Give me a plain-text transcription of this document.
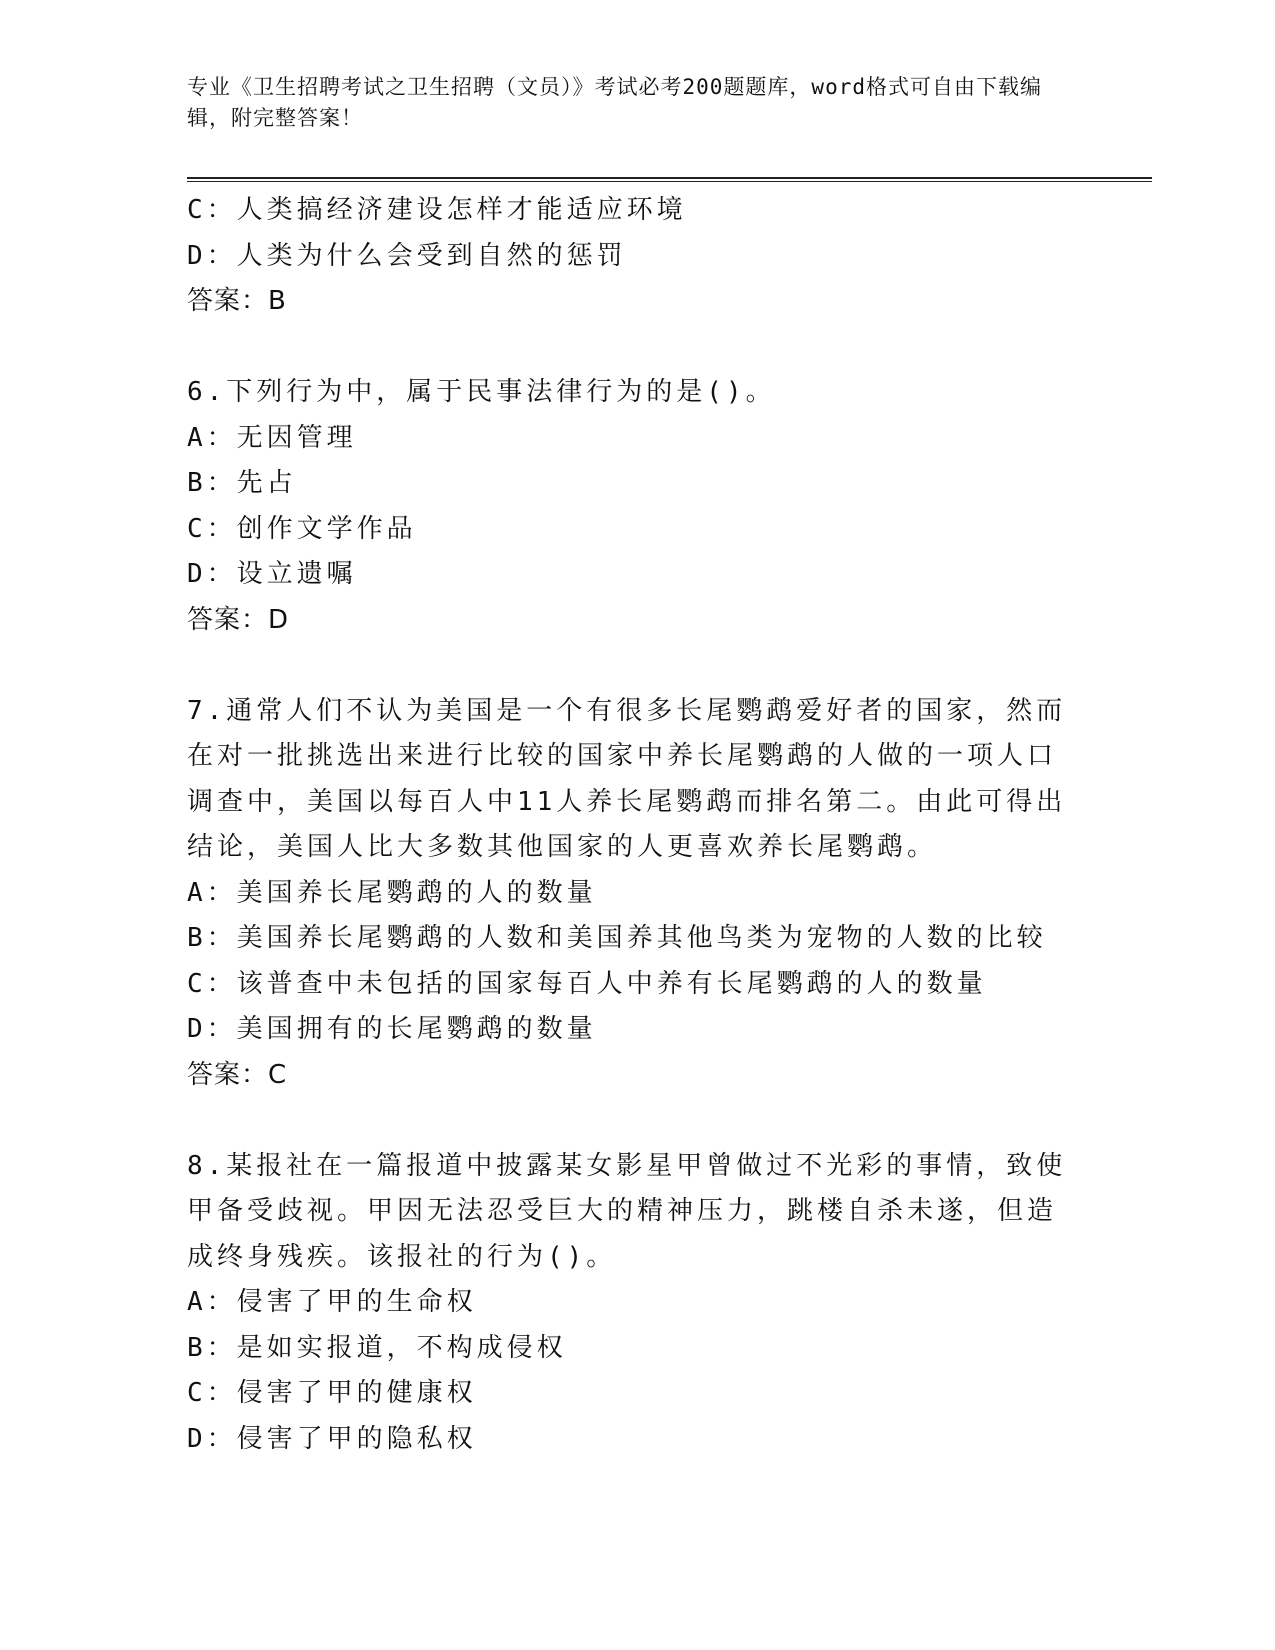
专业《卫生招聘考试之卫生招聘（文员）》考试必考200题题库，word格式可自由下载编辑，附完整答案！
C：人类搞经济建设怎样才能适应环境
D：人类为什么会受到自然的惩罚
答案：B
6.下列行为中，属于民事法律行为的是()。
A：无因管理
B：先占
C：创作文学作品
D：设立遗嘱
答案：D
7.通常人们不认为美国是一个有很多长尾鹦鹉爱好者的国家，然而在对一批挑选出来进行比较的国家中养长尾鹦鹉的人做的一项人口调查中，美国以每百人中11人养长尾鹦鹉而排名第二。由此可得出结论，美国人比大多数其他国家的人更喜欢养长尾鹦鹉。
A：美国养长尾鹦鹉的人的数量
B：美国养长尾鹦鹉的人数和美国养其他鸟类为宠物的人数的比较
C：该普查中未包括的国家每百人中养有长尾鹦鹉的人的数量
D：美国拥有的长尾鹦鹉的数量
答案：C
8.某报社在一篇报道中披露某女影星甲曾做过不光彩的事情，致使甲备受歧视。甲因无法忍受巨大的精神压力，跳楼自杀未遂，但造成终身残疾。该报社的行为()。
A：侵害了甲的生命权
B：是如实报道，不构成侵权
C：侵害了甲的健康权
D：侵害了甲的隐私权
